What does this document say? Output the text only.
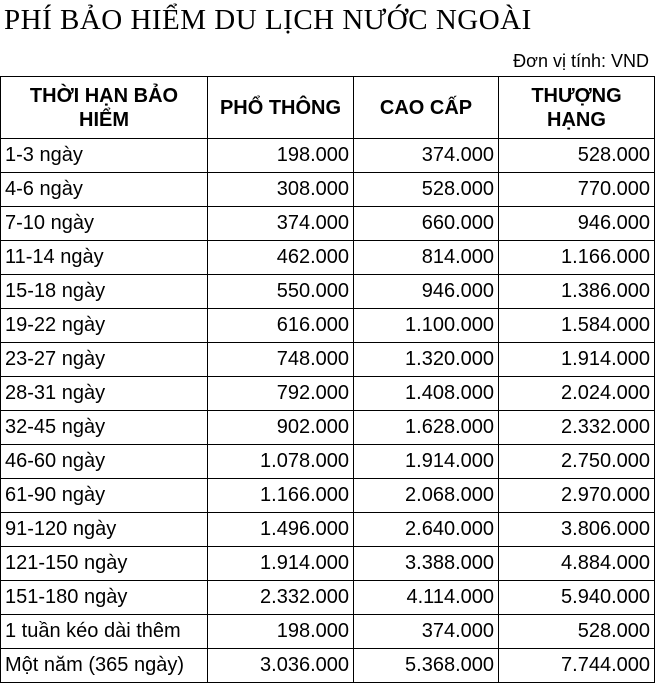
PHÍ BẢO HIỂM DU LỊCH NƯỚC NGOÀI
Đơn vị tính: VND
THỜI HẠN BẢO HIỂM	PHỔ THÔNG	CAO CẤP	THƯỢNG HẠNG
1-3 ngày	198.000	374.000	528.000
4-6 ngày	308.000	528.000	770.000
7-10 ngày	374.000	660.000	946.000
11-14 ngày	462.000	814.000	1.166.000
15-18 ngày	550.000	946.000	1.386.000
19-22 ngày	616.000	1.100.000	1.584.000
23-27 ngày	748.000	1.320.000	1.914.000
28-31 ngày	792.000	1.408.000	2.024.000
32-45 ngày	902.000	1.628.000	2.332.000
46-60 ngày	1.078.000	1.914.000	2.750.000
61-90 ngày	1.166.000	2.068.000	2.970.000
91-120 ngày	1.496.000	2.640.000	3.806.000
121-150 ngày	1.914.000	3.388.000	4.884.000
151-180 ngày	2.332.000	4.114.000	5.940.000
1 tuần kéo dài thêm	198.000	374.000	528.000
Một năm (365 ngày)	3.036.000	5.368.000	7.744.000
